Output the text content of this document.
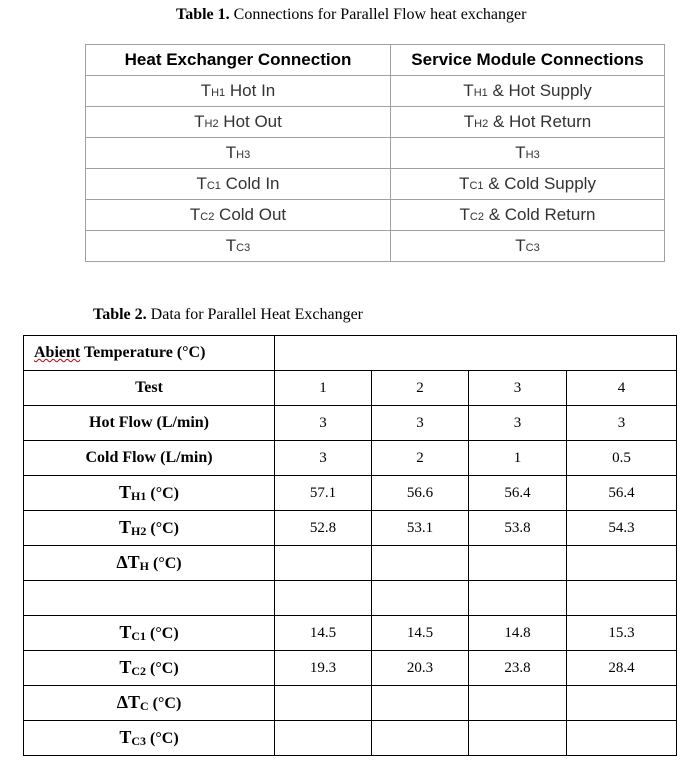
Table 1. Connections for Parallel Flow heat exchanger
Heat Exchanger Connection	Service Module Connections
TH1 Hot In	TH1 & Hot Supply
TH2 Hot Out	TH2 & Hot Return
TH3	TH3
TC1 Cold In	TC1 & Cold Supply
TC2 Cold Out	TC2 & Cold Return
TC3	TC3
Table 2. Data for Parallel Heat Exchanger
Abient Temperature (°C)				
Test	1	2	3	4
Hot Flow (L/min)	3	3	3	3
Cold Flow (L/min)	3	2	1	0.5
TH1 (°C)	57.1	56.6	56.4	56.4
TH2 (°C)	52.8	53.1	53.8	54.3
ΔTH (°C)				

TC1 (°C)	14.5	14.5	14.8	15.3
TC2 (°C)	19.3	20.3	23.8	28.4
ΔTC (°C)				
TC3 (°C)				
